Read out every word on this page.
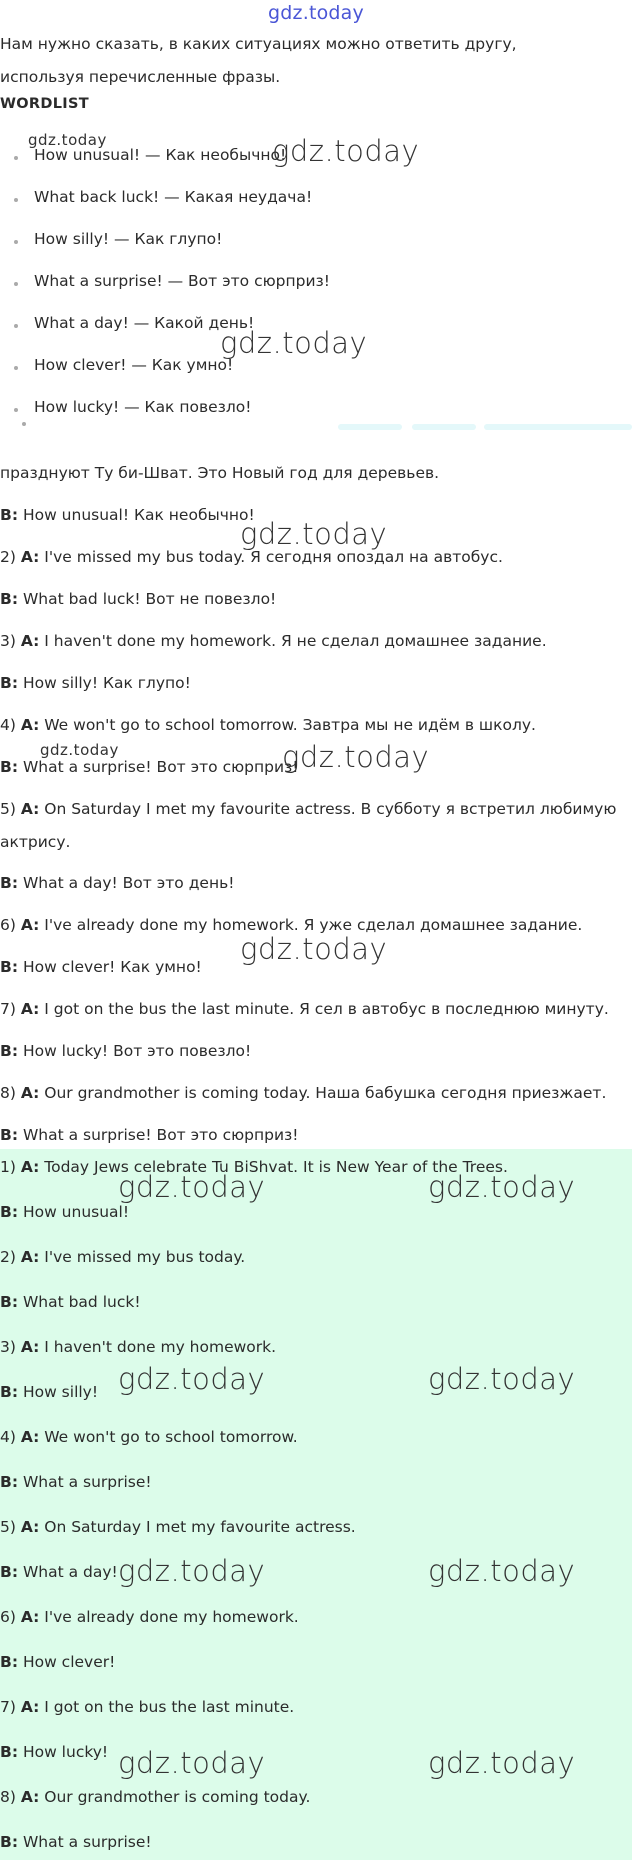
gdz.today
Нам нужно сказать, в каких ситуациях можно ответить другу, используя перечисленные фразы.
WORDLIST
How unusual! — Как необычно!
What back luck! — Какая неудача!
How silly! — Как глупо!
What a surprise! — Вот это сюрприз!
What a day! — Какой день!
How clever! — Как умно!
How lucky! — Как повезло!
празднуют Ту би-Шват. Это Новый год для деревьев.
B: How unusual! Как необычно!
2) A: I've missed my bus today. Я сегодня опоздал на автобус.
B: What bad luck! Вот не повезло!
3) A: I haven't done my homework. Я не сделал домашнее задание.
B: How silly! Как глупо!
4) A: We won't go to school tomorrow. Завтра мы не идём в школу.
B: What a surprise! Вот это сюрприз!
5) A: On Saturday I met my favourite actress. В субботу я встретил любимую
актрису.
B: What a day! Вот это день!
6) A: I've already done my homework. Я уже сделал домашнее задание.
B: How clever! Как умно!
7) A: I got on the bus the last minute. Я сел в автобус в последнюю минуту.
B: How lucky! Вот это повезло!
8) A: Our grandmother is coming today. Наша бабушка сегодня приезжает.
B: What a surprise! Вот это сюрприз!
1) A: Today Jews celebrate Tu BiShvat. It is New Year of the Trees.
B: How unusual!
2) A: I've missed my bus today.
B: What bad luck!
3) A: I haven't done my homework.
B: How silly!
4) A: We won't go to school tomorrow.
B: What a surprise!
5) A: On Saturday I met my favourite actress.
B: What a day!
6) A: I've already done my homework.
B: How clever!
7) A: I got on the bus the last minute.
B: How lucky!
8) A: Our grandmother is coming today.
B: What a surprise!
gdz.today	gdz.today
gdz.today
gdz.today
gdz.today	gdz.today
gdz.today
gdz.today	gdz.today
gdz.today	gdz.today
gdz.today	gdz.today
gdz.today	gdz.today
